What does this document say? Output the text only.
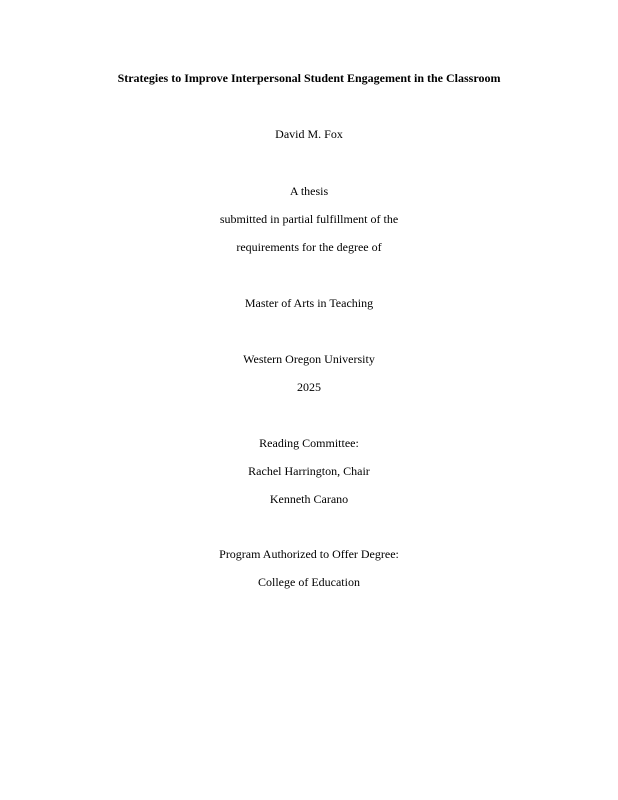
Strategies to Improve Interpersonal Student Engagement in the Classroom
David M. Fox
A thesis
submitted in partial fulfillment of the
requirements for the degree of
Master of Arts in Teaching
Western Oregon University
2025
Reading Committee:
Rachel Harrington, Chair
Kenneth Carano
Program Authorized to Offer Degree:
College of Education
